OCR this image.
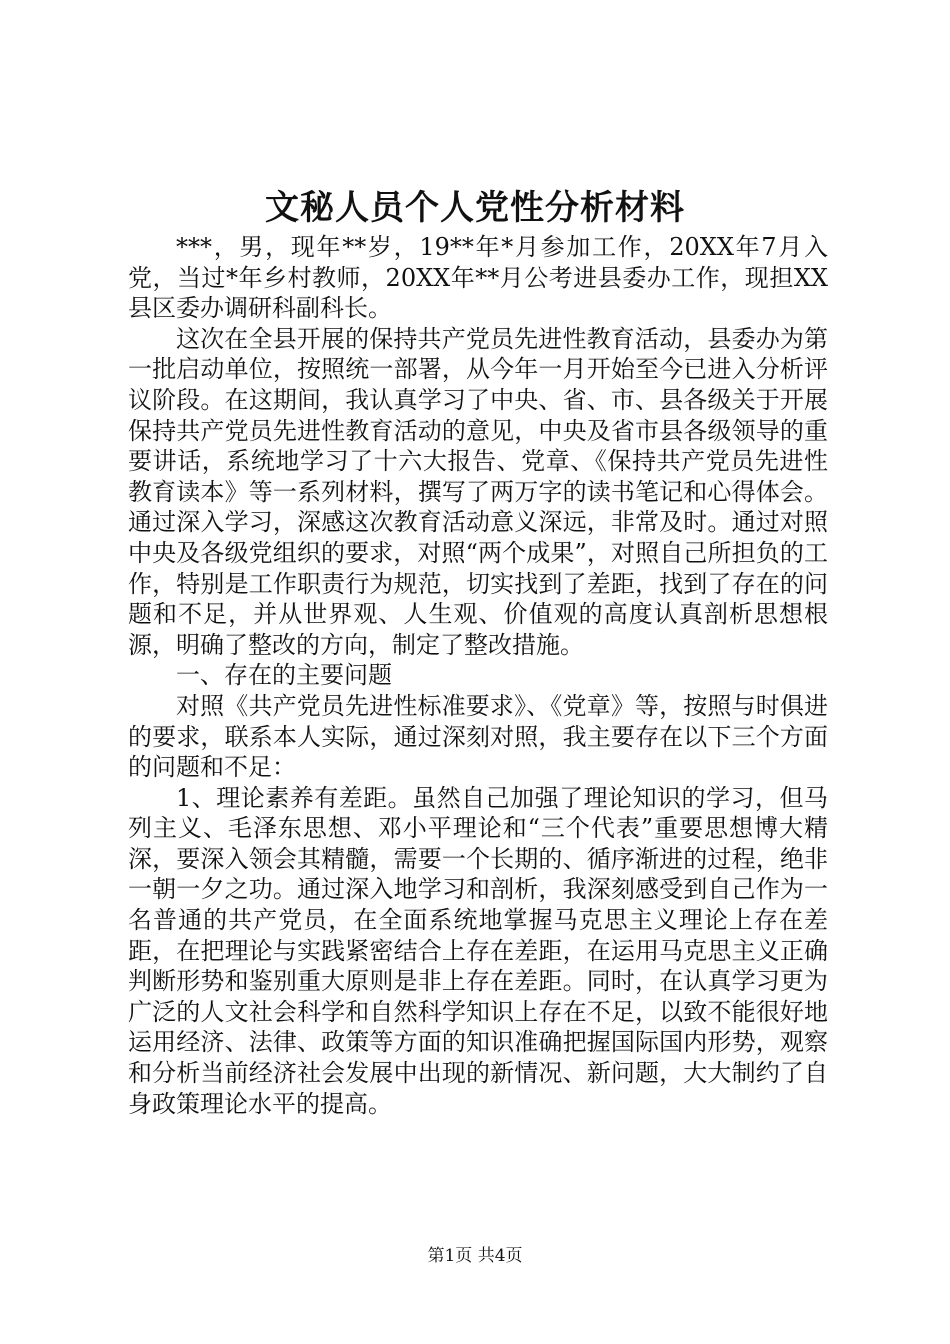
文秘人员个人党性分析材料

***，男，现年**岁，19**年*月参加工作，20XX年7月入党，当过*年乡村教师，20XX年**月公考进县委办工作，现担XX县区委办调研科副科长。

这次在全县开展的保持共产党员先进性教育活动，县委办为第一批启动单位，按照统一部署，从今年一月开始至今已进入分析评议阶段。在这期间，我认真学习了中央、省、市、县各级关于开展保持共产党员先进性教育活动的意见，中央及省市县各级领导的重要讲话，系统地学习了十六大报告、党章、《保持共产党员先进性教育读本》等一系列材料，撰写了两万字的读书笔记和心得体会。通过深入学习，深感这次教育活动意义深远，非常及时。通过对照中央及各级党组织的要求，对照“两个成果”，对照自己所担负的工作，特别是工作职责行为规范，切实找到了差距，找到了存在的问题和不足，并从世界观、人生观、价值观的高度认真剖析思想根源，明确了整改的方向，制定了整改措施。

一、存在的主要问题

对照《共产党员先进性标准要求》、《党章》等，按照与时俱进的要求，联系本人实际，通过深刻对照，我主要存在以下三个方面的问题和不足：

1、理论素养有差距。虽然自己加强了理论知识的学习，但马列主义、毛泽东思想、邓小平理论和“三个代表”重要思想博大精深，要深入领会其精髓，需要一个长期的、循序渐进的过程，绝非一朝一夕之功。通过深入地学习和剖析，我深刻感受到自己作为一名普通的共产党员，在全面系统地掌握马克思主义理论上存在差距，在把理论与实践紧密结合上存在差距，在运用马克思主义正确判断形势和鉴别重大原则是非上存在差距。同时，在认真学习更为广泛的人文社会科学和自然科学知识上存在不足，以致不能很好地运用经济、法律、政策等方面的知识准确把握国际国内形势，观察和分析当前经济社会发展中出现的新情况、新问题，大大制约了自身政策理论水平的提高。

第1页 共4页
